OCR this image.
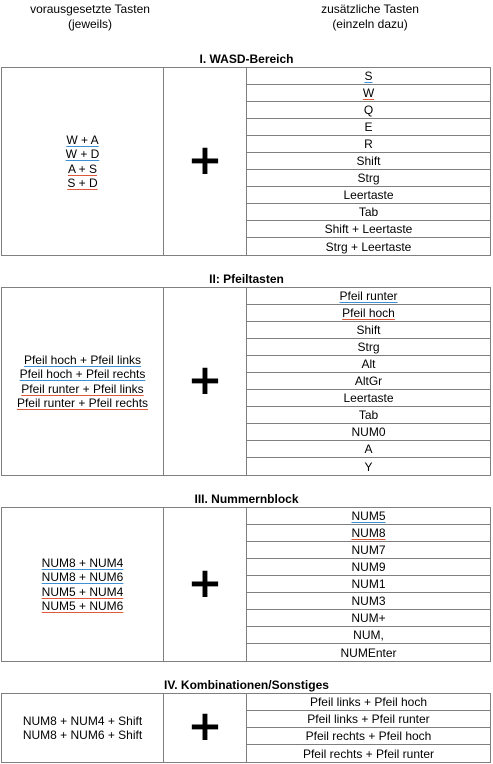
vorausgesetzte Tasten
(jeweils)
zusätzliche Tasten
(einzeln dazu)
I. WASD-Bereich
W + A
W + D
A + S
S + D +
S
W
Q
E
R
Shift
Strg
Leertaste
Tab
Shift + Leertaste
Strg + Leertaste
II: Pfeiltasten
Pfeil hoch + Pfeil links
Pfeil hoch + Pfeil rechts
Pfeil runter + Pfeil links
Pfeil runter + Pfeil rechts +
Pfeil runter
Pfeil hoch
Shift
Strg
Alt
AltGr
Leertaste
Tab
NUM0
A
Y
III. Nummernblock
NUM8 + NUM4
NUM8 + NUM6
NUM5 + NUM4
NUM5 + NUM6 +
NUM5
NUM8
NUM7
NUM9
NUM1
NUM3
NUM+
NUM,
NUMEnter
IV. Kombinationen/Sonstiges
NUM8 + NUM4 + Shift
NUM8 + NUM6 + Shift +	Pfeil links + Pfeil hoch
Pfeil links + Pfeil runter
Pfeil rechts + Pfeil hoch
Pfeil rechts + Pfeil runter
